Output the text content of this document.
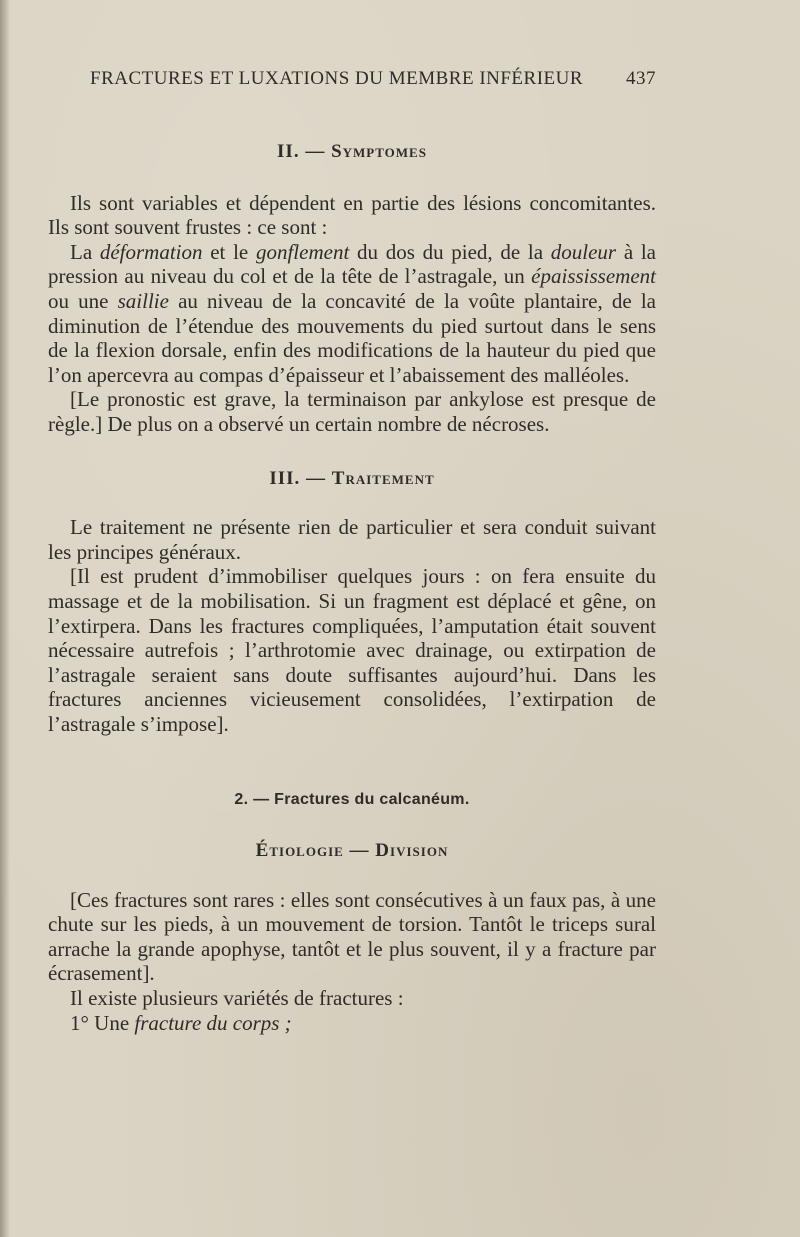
FRACTURES ET LUXATIONS DU MEMBRE INFÉRIEUR 437
II. — Symptomes

Ils sont variables et dépendent en partie des lésions concomitantes. Ils sont souvent frustes : ce sont :

La déformation et le gonflement du dos du pied, de la douleur à la pression au niveau du col et de la tête de l’astragale, un épaississement ou une saillie au niveau de la concavité de la voûte plantaire, de la diminution de l’étendue des mouvements du pied surtout dans le sens de la flexion dorsale, enfin des modifications de la hauteur du pied que l’on apercevra au compas d’épaisseur et l’abaissement des malléoles.

[Le pronostic est grave, la terminaison par ankylose est presque de règle.] De plus on a observé un certain nombre de nécroses.

III. — Traitement

Le traitement ne présente rien de particulier et sera conduit suivant les principes généraux.

[Il est prudent d’immobiliser quelques jours : on fera ensuite du massage et de la mobilisation. Si un fragment est déplacé et gêne, on l’extirpera. Dans les fractures compliquées, l’amputation était souvent nécessaire autrefois ; l’arthrotomie avec drainage, ou extirpation de l’astragale seraient sans doute suffisantes aujourd’hui. Dans les fractures anciennes vicieusement consolidées, l’extirpation de l’astragale s’impose].

2. — Fractures du calcanéum.
Étiologie — Division

[Ces fractures sont rares : elles sont consécutives à un faux pas, à une chute sur les pieds, à un mouvement de torsion. Tantôt le triceps sural arrache la grande apophyse, tantôt et le plus souvent, il y a fracture par écrasement].

Il existe plusieurs variétés de fractures :

1° Une fracture du corps ;
